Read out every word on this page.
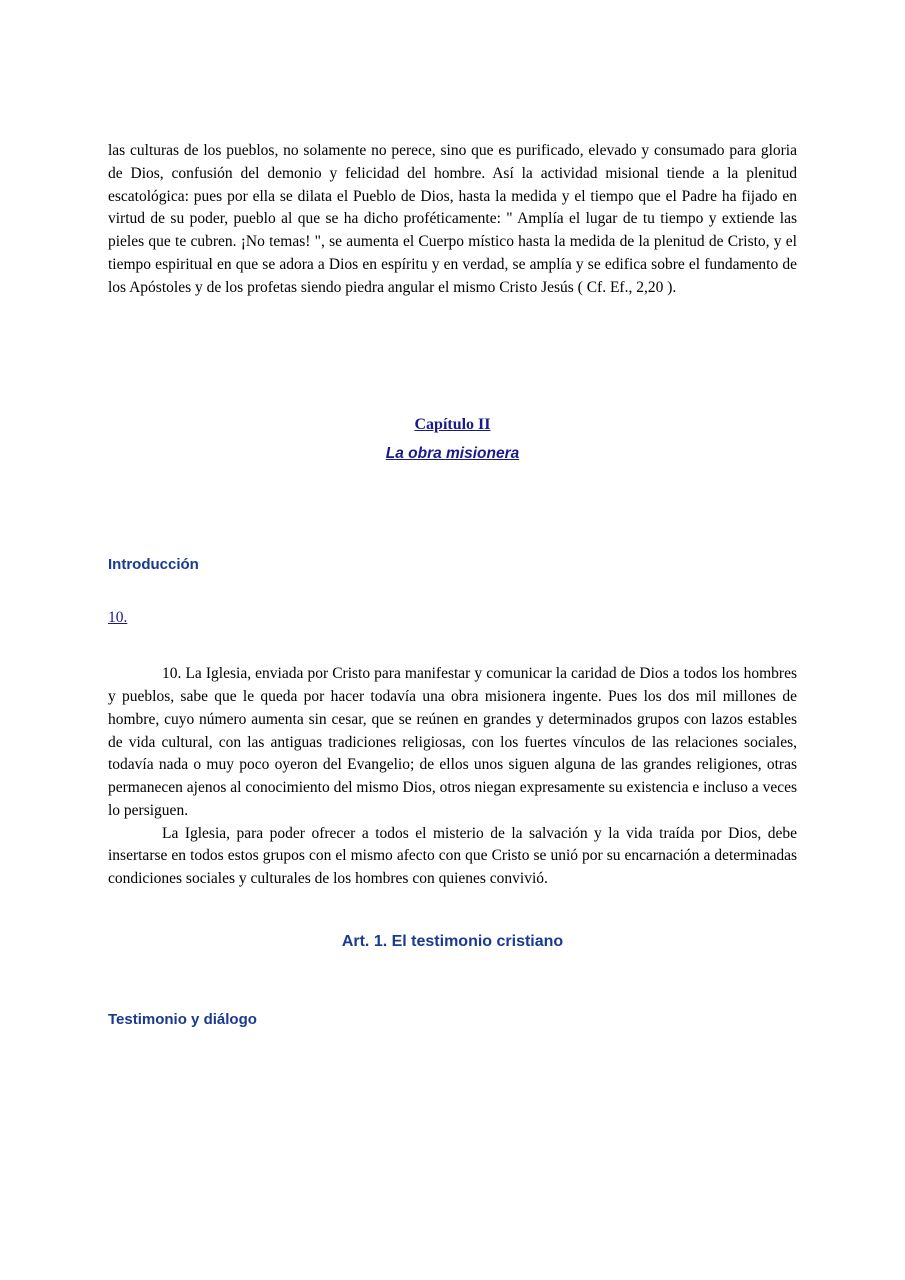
las culturas de los pueblos, no solamente no perece, sino que es purificado, elevado y consumado para gloria de Dios, confusión del demonio y felicidad del hombre. Así la actividad misional tiende a la plenitud escatológica: pues por ella se dilata el Pueblo de Dios, hasta la medida y el tiempo que el Padre ha fijado en virtud de su poder, pueblo al que se ha dicho proféticamente: " Amplía el lugar de tu tiempo y extiende las pieles que te cubren. ¡No temas! ", se aumenta el Cuerpo místico hasta la medida de la plenitud de Cristo, y el tiempo espiritual en que se adora a Dios en espíritu y en verdad, se amplía y se edifica sobre el fundamento de los Apóstoles y de los profetas siendo piedra angular el mismo Cristo Jesús ( Cf. Ef., 2,20 ).

Capítulo II
La obra misionera

Introducción

10.

10. La Iglesia, enviada por Cristo para manifestar y comunicar la caridad de Dios a todos los hombres y pueblos, sabe que le queda por hacer todavía una obra misionera ingente. Pues los dos mil millones de hombre, cuyo número aumenta sin cesar, que se reúnen en grandes y determinados grupos con lazos estables de vida cultural, con las antiguas tradiciones religiosas, con los fuertes vínculos de las relaciones sociales, todavía nada o muy poco oyeron del Evangelio; de ellos unos siguen alguna de las grandes religiones, otras permanecen ajenos al conocimiento del mismo Dios, otros niegan expresamente su existencia e incluso a veces lo persiguen.

La Iglesia, para poder ofrecer a todos el misterio de la salvación y la vida traída por Dios, debe insertarse en todos estos grupos con el mismo afecto con que Cristo se unió por su encarnación a determinadas condiciones sociales y culturales de los hombres con quienes convivió.

Art. 1. El testimonio cristiano

Testimonio y diálogo
